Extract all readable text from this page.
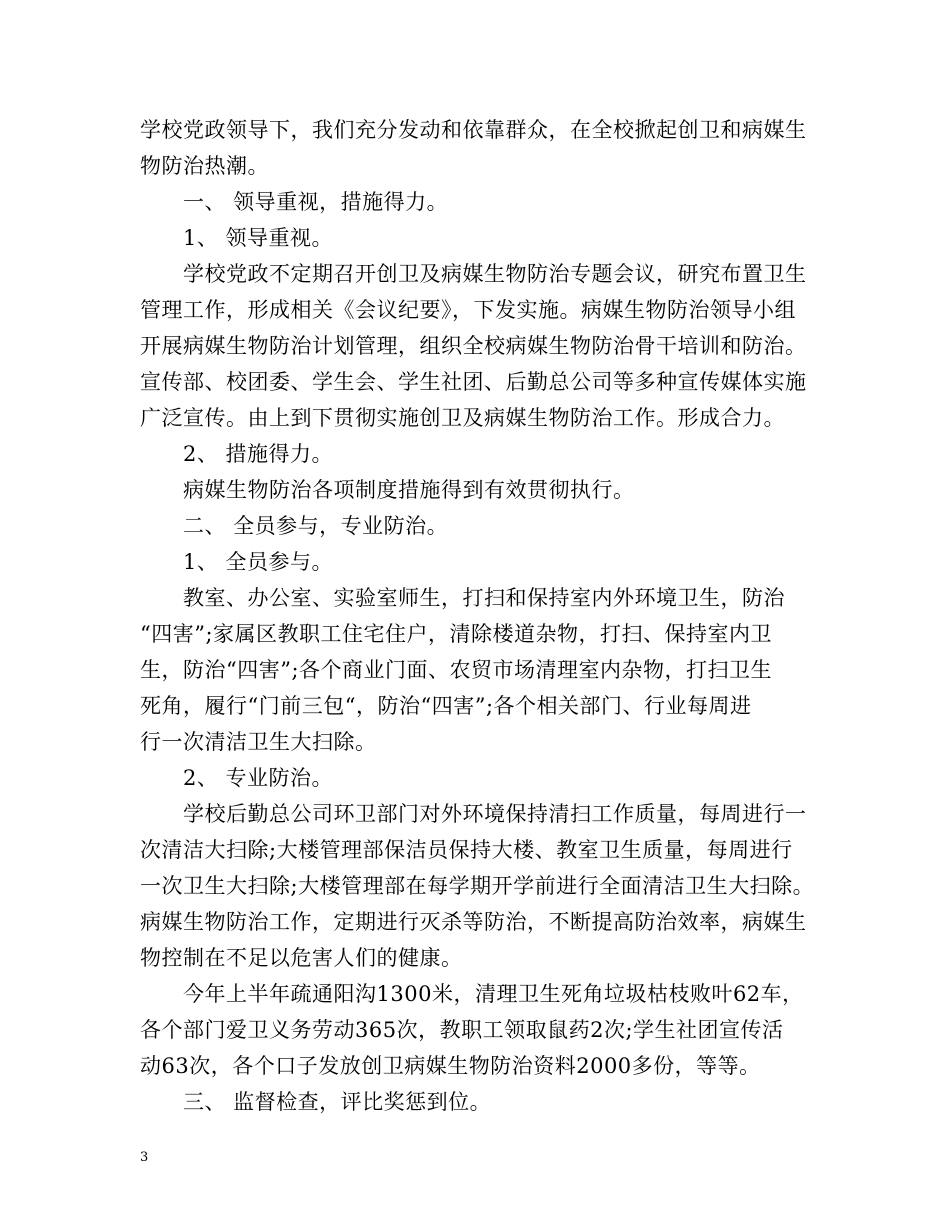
学校党政领导下，我们充分发动和依靠群众，在全校掀起创卫和病媒生
物防治热潮。
一、 领导重视，措施得力。
1、 领导重视。
学校党政不定期召开创卫及病媒生物防治专题会议，研究布置卫生
管理工作，形成相关《会议纪要》，下发实施。病媒生物防治领导小组
开展病媒生物防治计划管理，组织全校病媒生物防治骨干培训和防治。
宣传部、校团委、学生会、学生社团、后勤总公司等多种宣传媒体实施
广泛宣传。由上到下贯彻实施创卫及病媒生物防治工作。形成合力。
2、 措施得力。
病媒生物防治各项制度措施得到有效贯彻执行。
二、 全员参与，专业防治。
1、 全员参与。
教室、办公室、实验室师生，打扫和保持室内外环境卫生，防治
“四害”;家属区教职工住宅住户，清除楼道杂物，打扫、保持室内卫
生，防治“四害”;各个商业门面、农贸市场清理室内杂物，打扫卫生
死角，履行“门前三包“，防治“四害”;各个相关部门、行业每周进
行一次清洁卫生大扫除。
2、 专业防治。
学校后勤总公司环卫部门对外环境保持清扫工作质量，每周进行一
次清洁大扫除;大楼管理部保洁员保持大楼、教室卫生质量，每周进行
一次卫生大扫除;大楼管理部在每学期开学前进行全面清洁卫生大扫除。
病媒生物防治工作，定期进行灭杀等防治，不断提高防治效率，病媒生
物控制在不足以危害人们的健康。
今年上半年疏通阳沟1300米，清理卫生死角垃圾枯枝败叶62车，
各个部门爱卫义务劳动365次，教职工领取鼠药2次;学生社团宣传活
动63次，各个口子发放创卫病媒生物防治资料2000多份，等等。
三、 监督检查，评比奖惩到位。
3
